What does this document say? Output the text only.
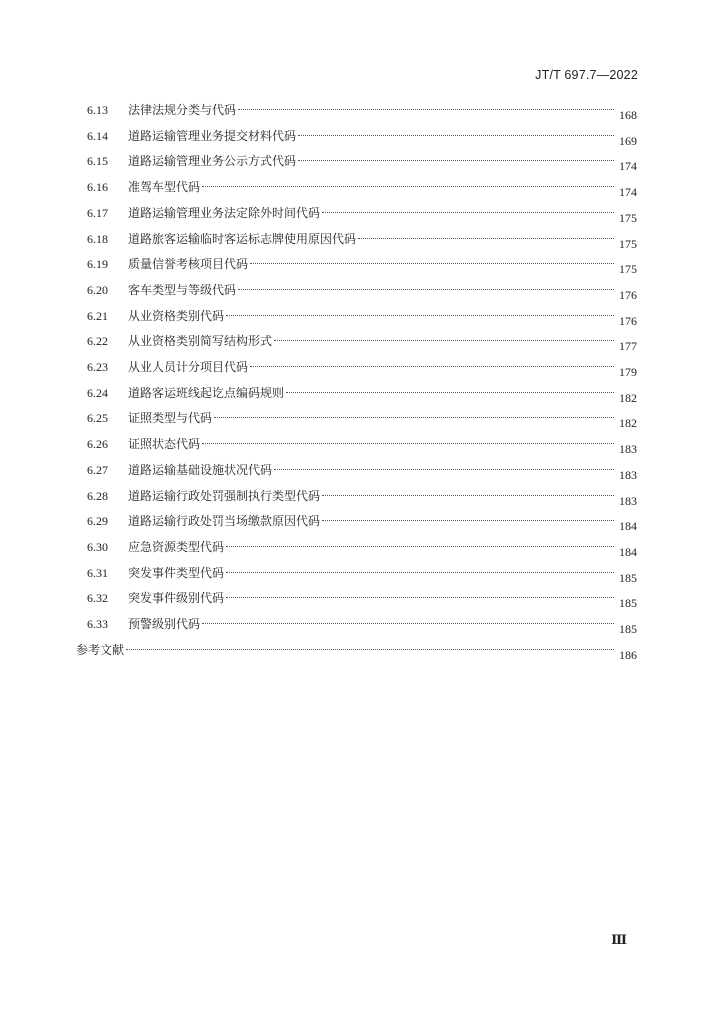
JT/T 697.7—2022
6.13	法律法规分类与代码	168
6.14	道路运输管理业务提交材料代码	169
6.15	道路运输管理业务公示方式代码	174
6.16	准驾车型代码	174
6.17	道路运输管理业务法定除外时间代码	175
6.18	道路旅客运输临时客运标志牌使用原因代码	175
6.19	质量信誉考核项目代码	175
6.20	客车类型与等级代码	176
6.21	从业资格类别代码	176
6.22	从业资格类别简写结构形式	177
6.23	从业人员计分项目代码	179
6.24	道路客运班线起讫点编码规则	182
6.25	证照类型与代码	182
6.26	证照状态代码	183
6.27	道路运输基础设施状况代码	183
6.28	道路运输行政处罚强制执行类型代码	183
6.29	道路运输行政处罚当场缴款原因代码	184
6.30	应急资源类型代码	184
6.31	突发事件类型代码	185
6.32	突发事件级别代码	185
6.33	预警级别代码	185
参考文献	186
Ⅲ
